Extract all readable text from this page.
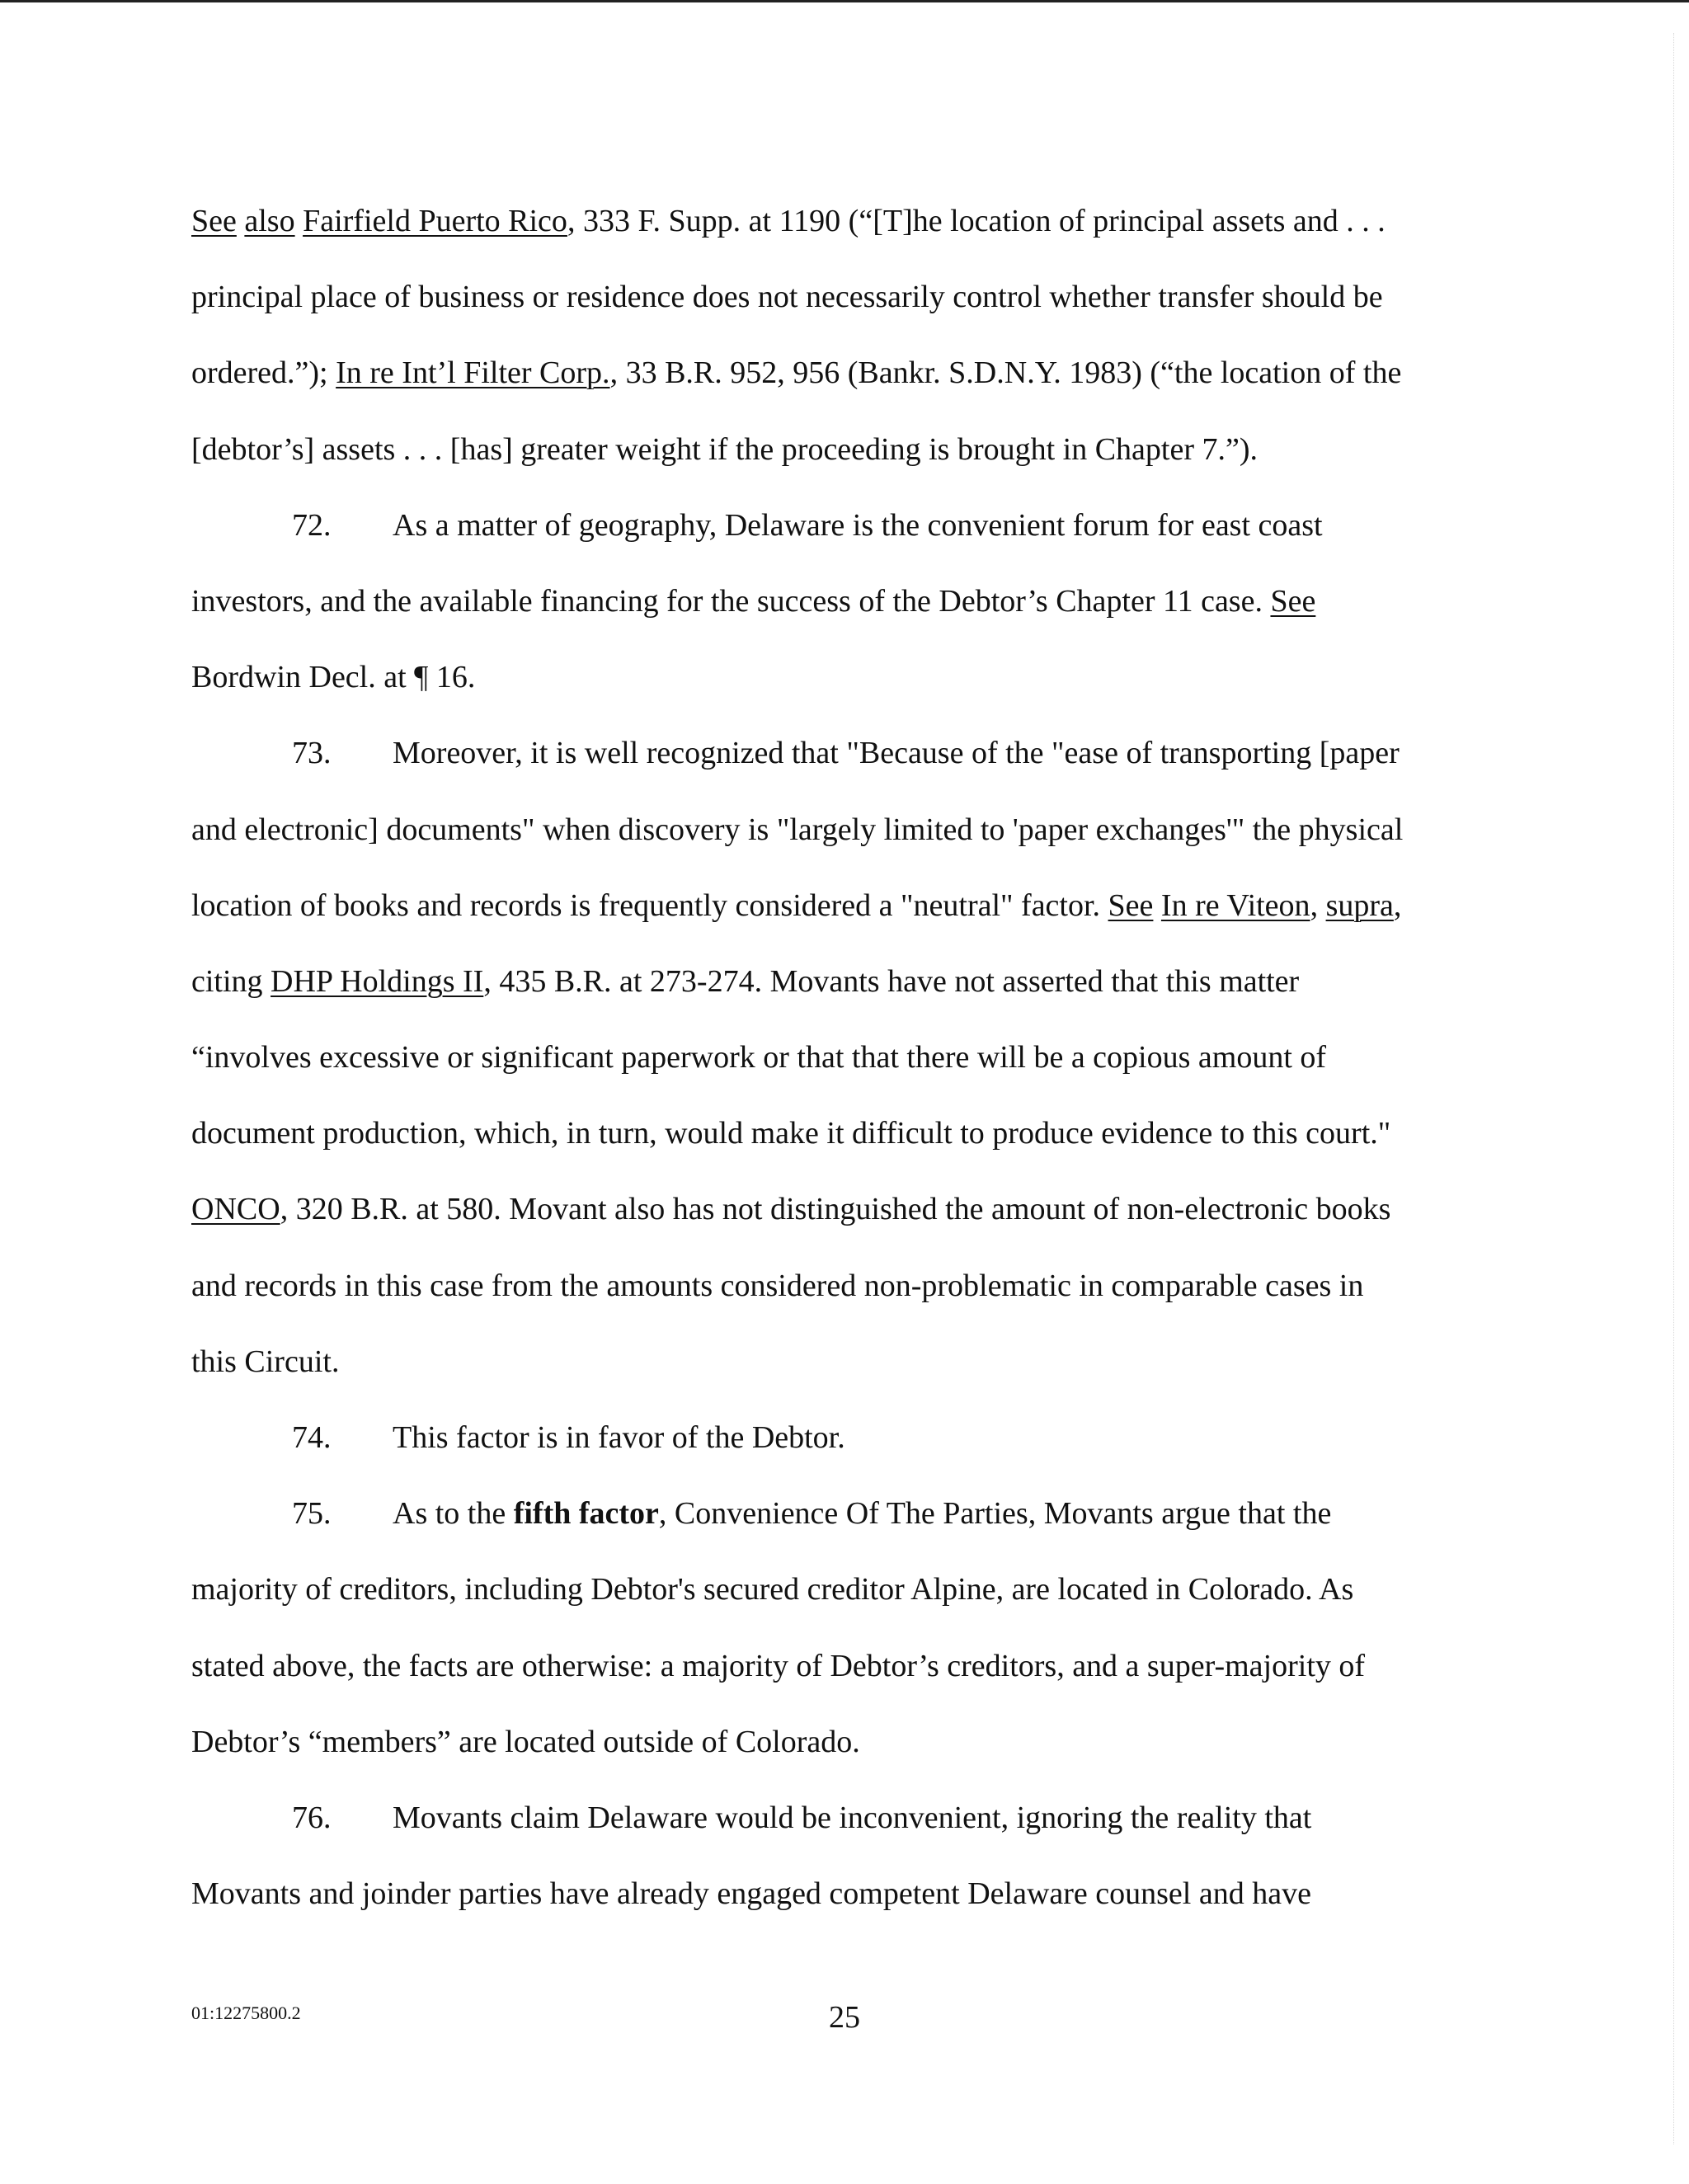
See also Fairfield Puerto Rico, 333 F. Supp. at 1190 (“[T]he location of principal assets and . . .
principal place of business or residence does not necessarily control whether transfer should be
ordered.”); In re Int’l Filter Corp., 33 B.R. 952, 956 (Bankr. S.D.N.Y. 1983) (“the location of the
[debtor’s] assets . . . [has] greater weight if the proceeding is brought in Chapter 7.”).
72. As a matter of geography, Delaware is the convenient forum for east coast
investors, and the available financing for the success of the Debtor’s Chapter 11 case. See
Bordwin Decl. at ¶ 16.
73. Moreover, it is well recognized that "Because of the "ease of transporting [paper
and electronic] documents" when discovery is "largely limited to 'paper exchanges'" the physical
location of books and records is frequently considered a "neutral" factor. See In re Viteon, supra,
citing DHP Holdings II, 435 B.R. at 273-274. Movants have not asserted that this matter
“involves excessive or significant paperwork or that that there will be a copious amount of
document production, which, in turn, would make it difficult to produce evidence to this court."
ONCO, 320 B.R. at 580. Movant also has not distinguished the amount of non-electronic books
and records in this case from the amounts considered non-problematic in comparable cases in
this Circuit.
74. This factor is in favor of the Debtor.
75. As to the fifth factor, Convenience Of The Parties, Movants argue that the
majority of creditors, including Debtor's secured creditor Alpine, are located in Colorado. As
stated above, the facts are otherwise: a majority of Debtor’s creditors, and a super-majority of
Debtor’s “members” are located outside of Colorado.
76. Movants claim Delaware would be inconvenient, ignoring the reality that
Movants and joinder parties have already engaged competent Delaware counsel and have
01:12275800.2	25
